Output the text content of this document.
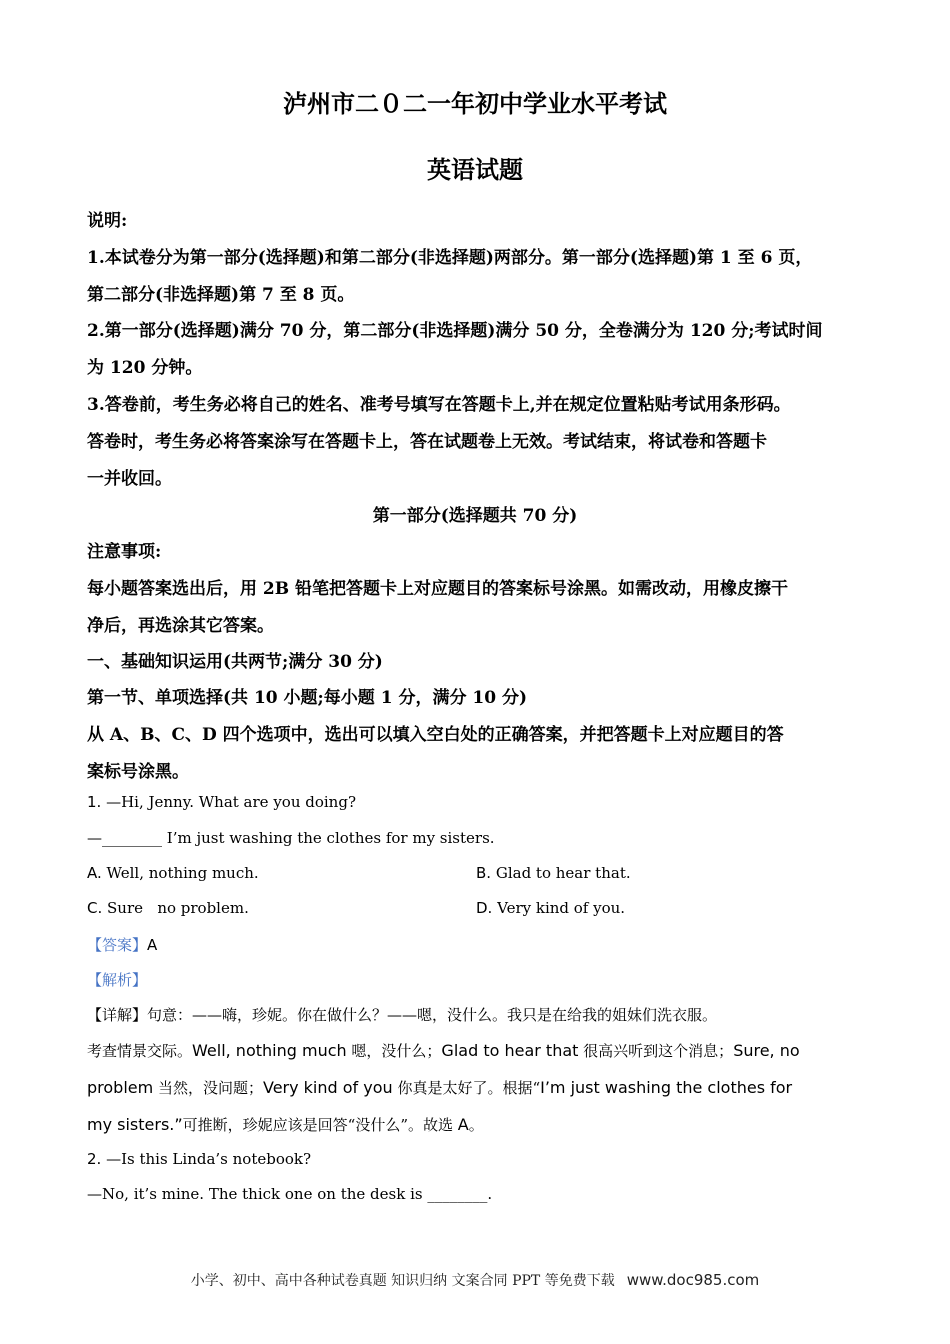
泸州市二０二一年初中学业水平考试
英语试题
说明:
1.本试卷分为第一部分(选择题)和第二部分(非选择题)两部分。第一部分(选择题)第 1 至 6 页，
第二部分(非选择题)第 7 至 8 页。
2.第一部分(选择题)满分 70 分，第二部分(非选择题)满分 50 分，全卷满分为 120 分;考试时间
为 120 分钟。
3.答卷前，考生务必将自己的姓名、准考号填写在答题卡上,并在规定位置粘贴考试用条形码。
答卷时，考生务必将答案涂写在答题卡上，答在试题卷上无效。考试结束，将试卷和答题卡
一并收回。
第一部分(选择题共 70 分)
注意事项:
每小题答案选出后，用 2B 铅笔把答题卡上对应题目的答案标号涂黑。如需改动，用橡皮擦干
净后，再选涂其它答案。
一、基础知识运用(共两节;满分 30 分)
第一节、单项选择(共 10 小题;每小题 1 分，满分 10 分)
从 A、B、C、D 四个选项中，选出可以填入空白处的正确答案，并把答题卡上对应题目的答
案标号涂黑。
1. —Hi, Jenny. What are you doing?
—________ I’m just washing the clothes for my sisters.
A. Well, nothing much.	B. Glad to hear that.
C. Sure   no problem.	D. Very kind of you.
【答案】A
【解析】
【详解】句意：——嗨，珍妮。你在做什么？——嗯，没什么。我只是在给我的姐妹们洗衣服。
考查情景交际。Well, nothing much 嗯，没什么；Glad to hear that 很高兴听到这个消息；Sure, no
problem 当然，没问题；Very kind of you 你真是太好了。根据“I’m just washing the clothes for
my sisters.”可推断，珍妮应该是回答“没什么”。故选 A。
2. —Is this Linda’s notebook?
—No, it’s mine. The thick one on the desk is ________.
小学、初中、高中各种试卷真题 知识归纳 文案合同 PPT 等免费下载 www.doc985.com
